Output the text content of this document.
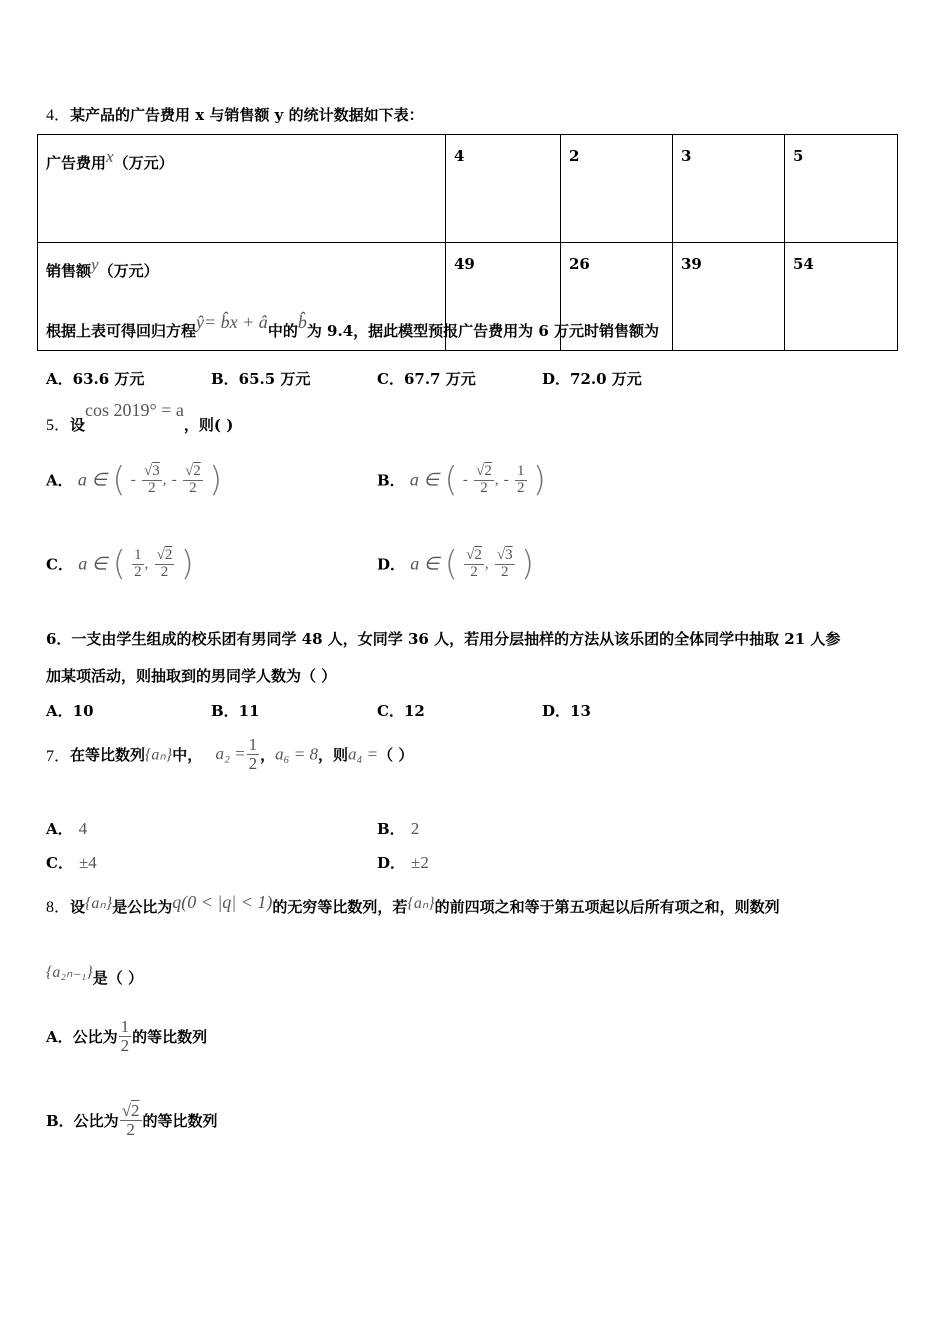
4．某产品的广告费用 x 与销售额 y 的统计数据如下表：
广告费用$^x$（万元）	4	2	3	5
销售额$^y$（万元）	49	26	39	54
根据上表可得回归方程ŷ= b̂x + â中的b̂为 9.4，据此模型预报广告费用为 6 万元时销售额为
A．63.6 万元	B．65.5 万元	C．67.7 万元	D．72.0 万元
5．设cos 2019° = a，则( )
A． a ∈ ( - $\frac{√3}{2}$ , - $\frac{√2}{2}$ )	B． a ∈ ( - $\frac{√2}{2}$ , - $\frac{1}{2}$ )
C． a ∈ ( $\frac{1}{2}$ , $\frac{√2}{2}$ )	D． a ∈ ( $\frac{√2}{2}$ , $\frac{√3}{2}$ )
6．一支由学生组成的校乐团有男同学 48 人，女同学 36 人，若用分层抽样的方法从该乐团的全体同学中抽取 21 人参
加某项活动，则抽取到的男同学人数为（ ）
A．10	B．11	C．12	D．13
7．在等比数列{aₙ}中， $a_2 = \frac{1}{2}$ ，a₆ = 8，则a₄ =（ ）
A． 4	B． 2
C． ±4	D． ±2
8．设{aₙ}是公比为q(0 < |q| < 1)的无穷等比数列，若{aₙ}的前四项之和等于第五项起以后所有项之和，则数列
{a₂ₙ₋₁}是（ ）
A．公比为 $\frac{1}{2}$ 的等比数列
B．公比为 $\frac{√2}{2}$ 的等比数列
